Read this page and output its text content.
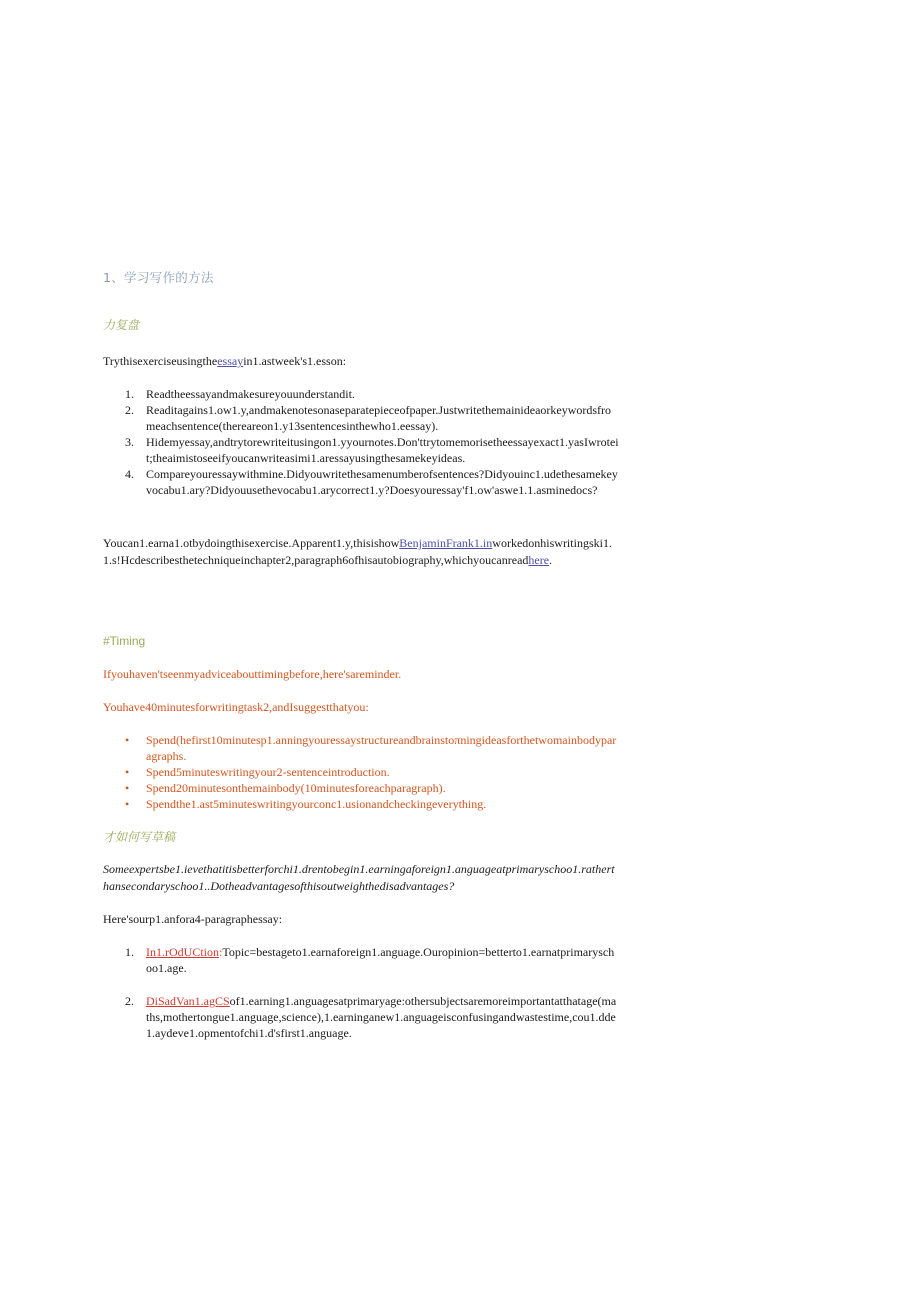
1、学习写作的方法
力复盘
Trythisexerciseusingtheessayin1.astweek's1.esson:
1. Readtheessayandmakesureyouunderstandit.
2. Readitagains1.ow1.y,andmakenotesonaseparatepieceofpaper.Justwritethemainideaorkeywordsfromeachsentence(therearеon1.y13sentencesinthewho1.eessay).
3. Hidemyessay,andtrytorewriteitusingon1.yyournotes.Don'ttrytomemorisetheessayexact1.yasIwroteit;theaimistoseeifyoucanwriteasimi1.aressayusingthesamekeyideas.
4. Compareyouressaywithmine.Didyouwritethesamenumberofsentences?Didyouinc1.udethesamekeyvocabu1.ary?Didyouusethevocabu1.arycorrect1.y?Doesyouressay'f1.ow'aswe1.1.asminedocs?
Youcan1.earna1.otbydoingthisexercise.Apparent1.y,thisishowBenjaminFrank1.inworkedonhiswritingski1.1.s!Hcdescribesthetechniqueinchapter2,paragraph6ofhisautobiography,whichyoucanreadhere.
#Timing
Ifyouhaven'tseenmyadviceabouttimingbefore,here'sareminder.
Youhave40minutesforwritingtask2,andIsuggestthatyou:
• Spend(hefirst10minutesp1.anningyouressaystructureandbrainstoπningideasforthetwomainbodyparagraphs.
• Spend5minuteswritingyour2-sentenceintroduction.
• Spend20minutesonthemainbody(10minutesforeachparagraph).
• Spendthe1.ast5minuteswritingyourconc1.usionandcheckingeverything.
才如何写草稿
Someexpertsbe1.ievethatitisbetterforchi1.drentobegin1.earningaforeign1.anguageatprimaryschoo1.ratherthansecondaryschoo1..Dotheadvantagesofthisoutweighthedisadvantages?
Here'sourp1.anfora4-paragraphessay:
1. In1.rOdUCtion:Topic=bestageto1.earnaforeign1.anguage.Ouropinion=betterto1.earnatprimaryschoo1.age.
2. DiSadVan1.agCSof1.earning1.anguagesatprimaryage:othersubjectsaremoreimportantatthatage(maths,mothertongue1.anguage,science),1.earninganew1.anguageisconfusingandwastestime,cou1.dde1.aydeve1.opmentofchi1.d'sfirst1.anguage.
